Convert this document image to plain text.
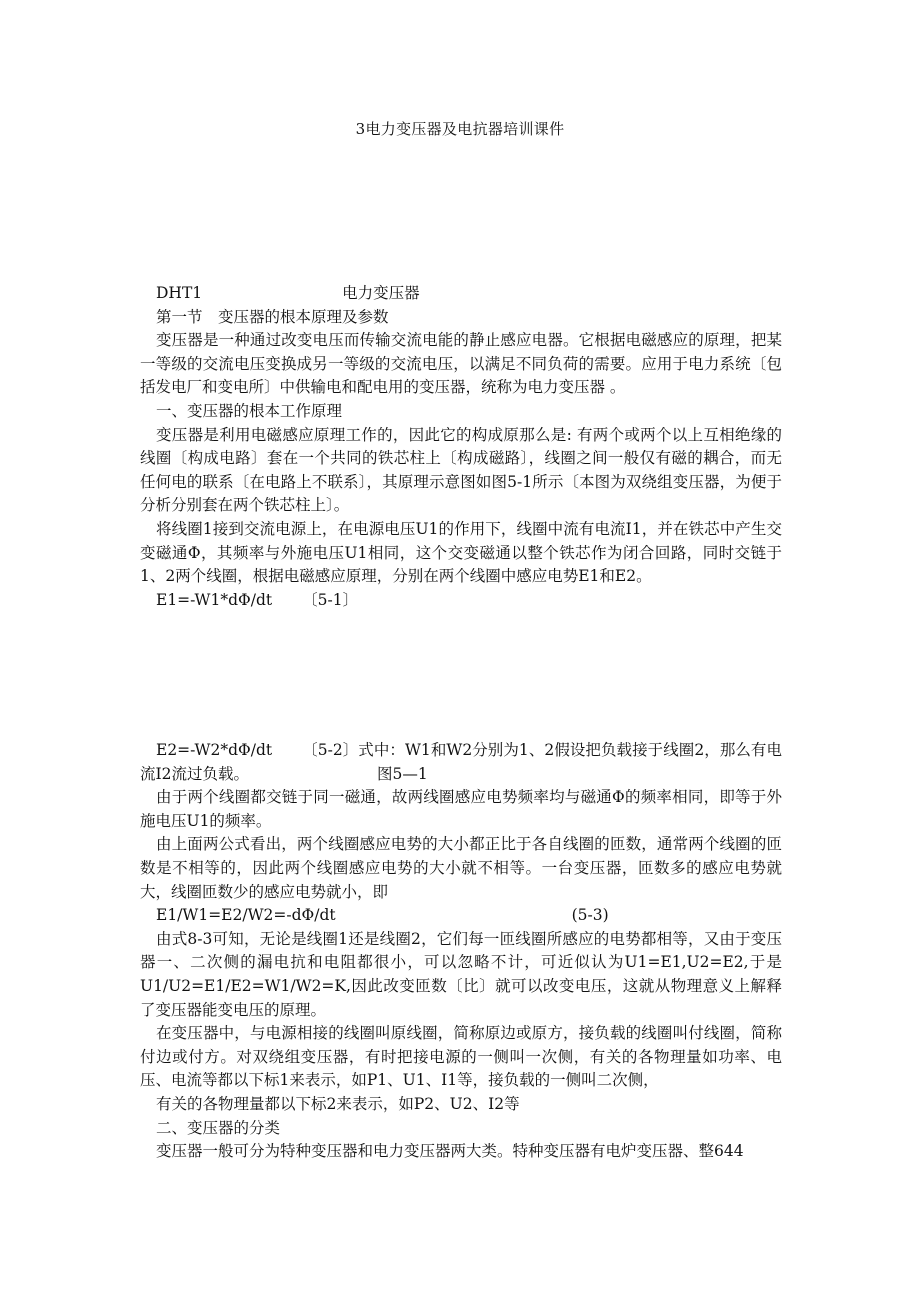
3电力变压器及电抗器培训课件

DHT1	电力变压器

第一节　变压器的根本原理及参数

变压器是一种通过改变电压而传输交流电能的静止感应电器。它根据电磁感应的原理，把某一等级的交流电压变换成另一等级的交流电压，以满足不同负荷的需要。应用于电力系统〔包括发电厂和变电所〕中供输电和配电用的变压器，统称为电力变压器 。

一、变压器的根本工作原理

变压器是利用电磁感应原理工作的，因此它的构成原那么是: 有两个或两个以上互相绝缘的线圈〔构成电路〕套在一个共同的铁芯柱上〔构成磁路〕，线圈之间一般仅有磁的耦合，而无任何电的联系〔在电路上不联系〕，其原理示意图如图5-1所示〔本图为双绕组变压器，为便于分析分别套在两个铁芯柱上〕。

将线圈1接到交流电源上，在电源电压U1的作用下，线圈中流有电流I1，并在铁芯中产生交变磁通Φ，其频率与外施电压U1相同，这个交变磁通以整个铁芯作为闭合回路，同时交链于1、2两个线圈，根据电磁感应原理，分别在两个线圈中感应电势E1和E2。

E1=-W1*dΦ/dt 〔5-1〕

E2=-W2*dΦ/dt 〔5-2〕式中：W1和W2分别为1、2假设把负载接于线圈2，那么有电流I2流过负载。	图5—1

由于两个线圈都交链于同一磁通，故两线圈感应电势频率均与磁通Φ的频率相同，即等于外施电压U1的频率。

由上面两公式看出，两个线圈感应电势的大小都正比于各自线圈的匝数，通常两个线圈的匝数是不相等的，因此两个线圈感应电势的大小就不相等。一台变压器，匝数多的感应电势就大，线圈匝数少的感应电势就小，即

E1/W1=E2/W2=-dΦ/dt	(5-3)

由式8-3可知，无论是线圈1还是线圈2，它们每一匝线圈所感应的电势都相等，又由于变压器一、二次侧的漏电抗和电阻都很小，可以忽略不计，可近似认为U1=E1,U2=E2,于是U1/U2=E1/E2=W1/W2=K,因此改变匝数〔比〕就可以改变电压，这就从物理意义上解释了变压器能变电压的原理。

在变压器中，与电源相接的线圈叫原线圈，简称原边或原方，接负载的线圈叫付线圈，简称付边或付方。对双绕组变压器，有时把接电源的一侧叫一次侧，有关的各物理量如功率、电压、电流等都以下标1来表示，如P1、U1、I1等，接负载的一侧叫二次侧，

有关的各物理量都以下标2来表示，如P2、U2、I2等

二、变压器的分类

变压器一般可分为特种变压器和电力变压器两大类。特种变压器有电炉变压器、整644
